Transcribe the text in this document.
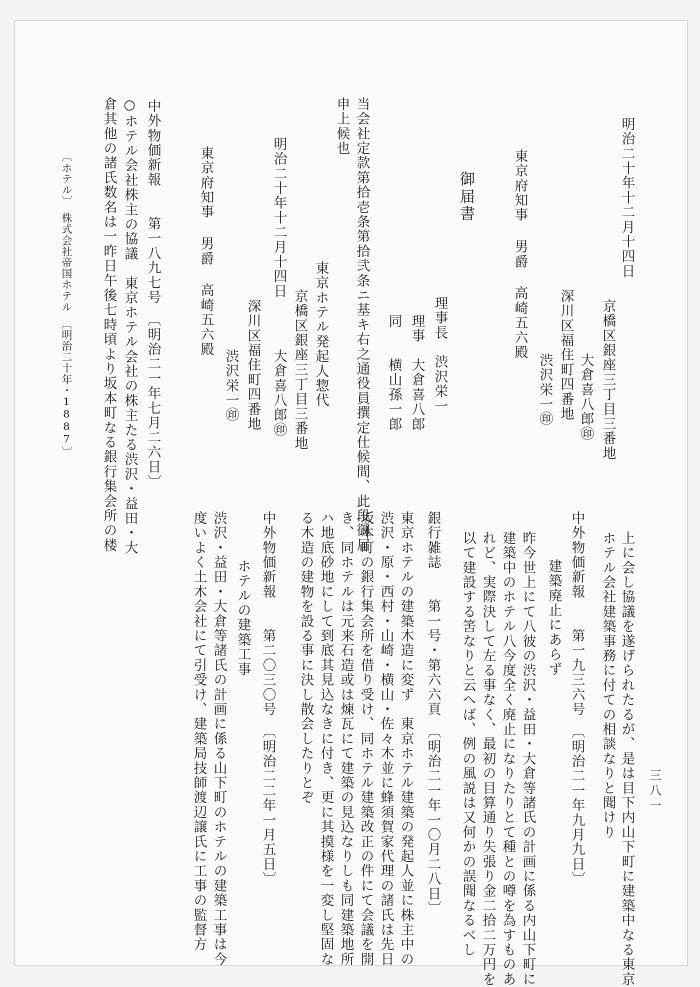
上に会し協議を遂げられたるが、是は目下内山下町に建築中なる東京
ホテル会社建築事務に付ての相談なりと聞けり
中外物価新報　　第一九三六号　〔明治二一年九月九日〕
建築廃止にあらず
昨今世上にて八彼の渋沢・益田・大倉等諸氏の計画に係る内山下町に
建築中のホテル八今度全く廃止になりたりとて種との噂を為すものあ
れど、実際決して左る事なく、最初の目算通り失張り金二拾二万円を
以て建設する筈なりと云へば、例の風説は又何かの誤聞なるべし
銀行雑誌　　第一号・第六六頁　〔明治二一年一〇月二八日〕
東京ホテルの建築木造に変ず　東京ホテル建築の発起人並に株主中の
渋沢・原・西村・山崎・横山・佐々木並に蜂須賀家代理の諸氏は先日
坂本町の銀行集会所を借り受け、同ホテル建築改正の件にて会議を開
き、同ホテルは元来石造或は煉瓦にて建築の見込なりしも同建築地所
ハ地底砂地にして到底其見込なきに付き、更に其摸様を一変し堅固な
る木造の建物を設る事に決し散会したりとぞ
中外物価新報　　第二〇三〇号　〔明治二二年一月五日〕
ホテルの建築工事
渋沢・益田・大倉等諸氏の計画に係る山下町のホテルの建築工事は今
度いよく土木会社にて引受け、建築局技師渡辺譲氏に工事の監督方
明治二十年十二月十四日
京橋区銀座三丁目三番地
大倉喜八郎㊞
深川区福住町四番地
渋沢栄一㊞
東京府知事 男爵 高崎五六殿
御届書
理事長　渋沢栄一
理事　大倉喜八郎
同　　横山孫一郎
当会社定款第拾壱条第拾弐条ニ基キ右之通役員撰定仕候間、此段御届
申上候也
東京ホテル発起人惣代
明治二十年十二月十四日
京橋区銀座三丁目三番地
大倉喜八郎㊞
深川区福住町四番地
渋沢栄一㊞
東京府知事 男爵 高崎五六殿
中外物価新報　　第一八九七号　〔明治二一年七月二六日〕
○ホテル会社株主の協議　東京ホテル会社の株主たる渋沢・益田・大
倉其他の諸氏数名は一昨日午後七時頃より坂本町なる銀行集会所の楼
〔ホテル〕　株式会社帝国ホテル　〔明治二十年・1887〕
三八一
